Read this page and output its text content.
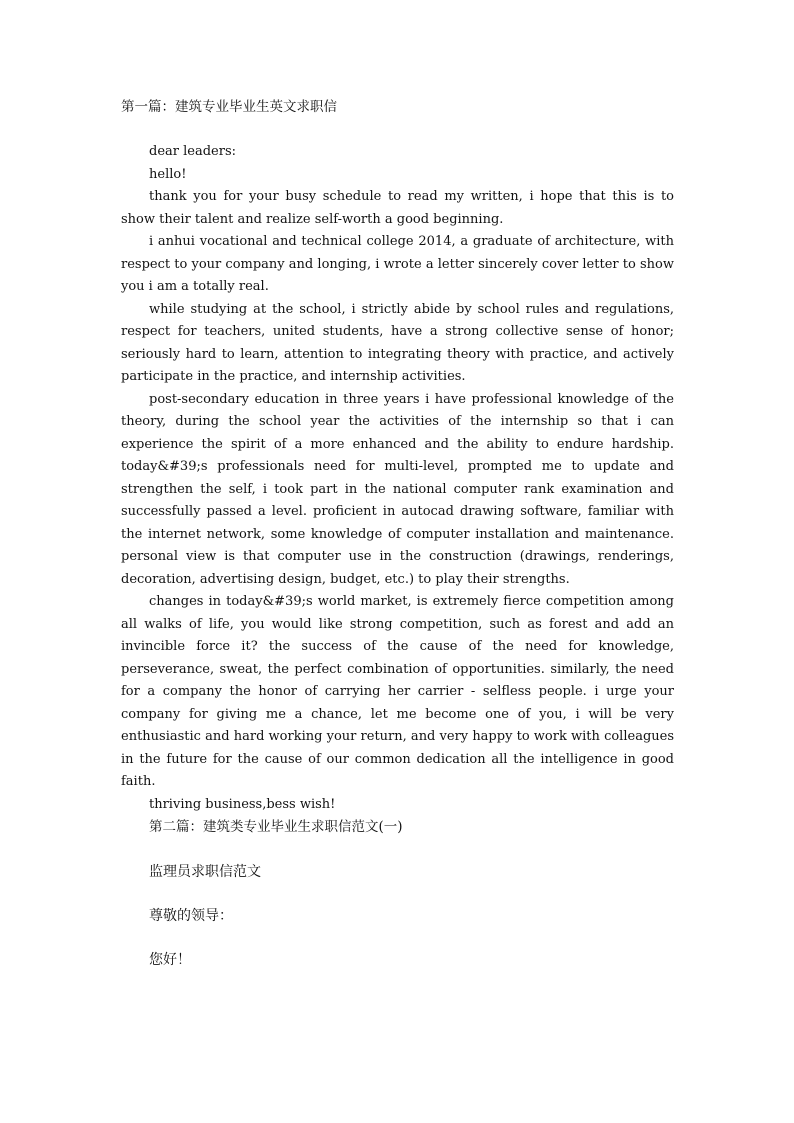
第一篇：建筑专业毕业生英文求职信
dear leaders:
hello!

thank you for your busy schedule to read my written, i hope that this is to show their talent and realize self-worth a good beginning.

i anhui vocational and technical college 2014, a graduate of architecture, with respect to your company and longing, i wrote a letter sincerely cover letter to show you i am a totally real.

while studying at the school, i strictly abide by school rules and regulations, respect for teachers, united students, have a strong collective sense of honor; seriously hard to learn, attention to integrating theory with practice, and actively participate in the practice, and internship activities.

post-secondary education in three years i have professional knowledge of the theory, during the school year the activities of the internship so that i can experience the spirit of a more enhanced and the ability to endure hardship. today&#39;s professionals need for multi-level, prompted me to update and strengthen the self, i took part in the national computer rank examination and successfully passed a level. proficient in autocad drawing software, familiar with the internet network, some knowledge of computer installation and maintenance. personal view is that computer use in the construction (drawings, renderings, decoration, advertising design, budget, etc.) to play their strengths.

changes in today&#39;s world market, is extremely fierce competition among all walks of life, you would like strong competition, such as forest and add an invincible force it? the success of the cause of the need for knowledge, perseverance, sweat, the perfect combination of opportunities. similarly, the need for a company the honor of carrying her carrier - selfless people. i urge your company for giving me a chance, let me become one of you, i will be very enthusiastic and hard working your return, and very happy to work with colleagues in the future for the cause of our common dedication all the intelligence in good faith.

thriving business,bess wish!
第二篇：建筑类专业毕业生求职信范文(一)
监理员求职信范文
尊敬的领导：
您好！
